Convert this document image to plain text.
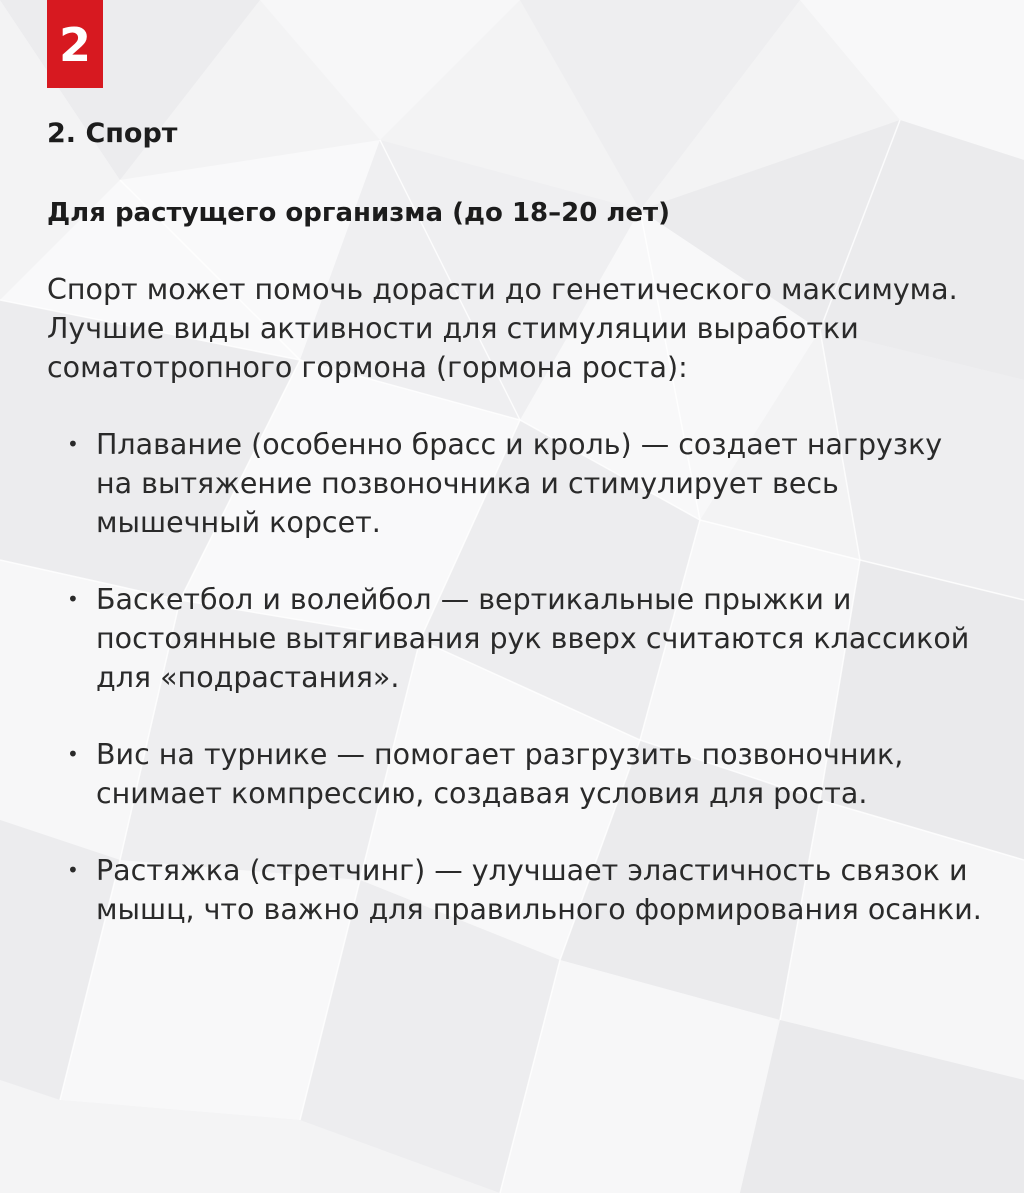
2
2. Спорт
Для растущего организма (до 18–20 лет)

Спорт может помочь дорасти до генетического максимума. Лучшие виды активности для стимуляции выработки соматотропного гормона (гормона роста):

• Плавание (особенно брасс и кроль) — создает нагрузку на вытяжение позвоночника и стимулирует весь мышечный корсет.
• Баскетбол и волейбол — вертикальные прыжки и постоянные вытягивания рук вверх считаются классикой для «подрастания».
• Вис на турнике — помогает разгрузить позвоночник, снимает компрессию, создавая условия для роста.
• Растяжка (стретчинг) — улучшает эластичность связок и мышц, что важно для правильного формирования осанки.
